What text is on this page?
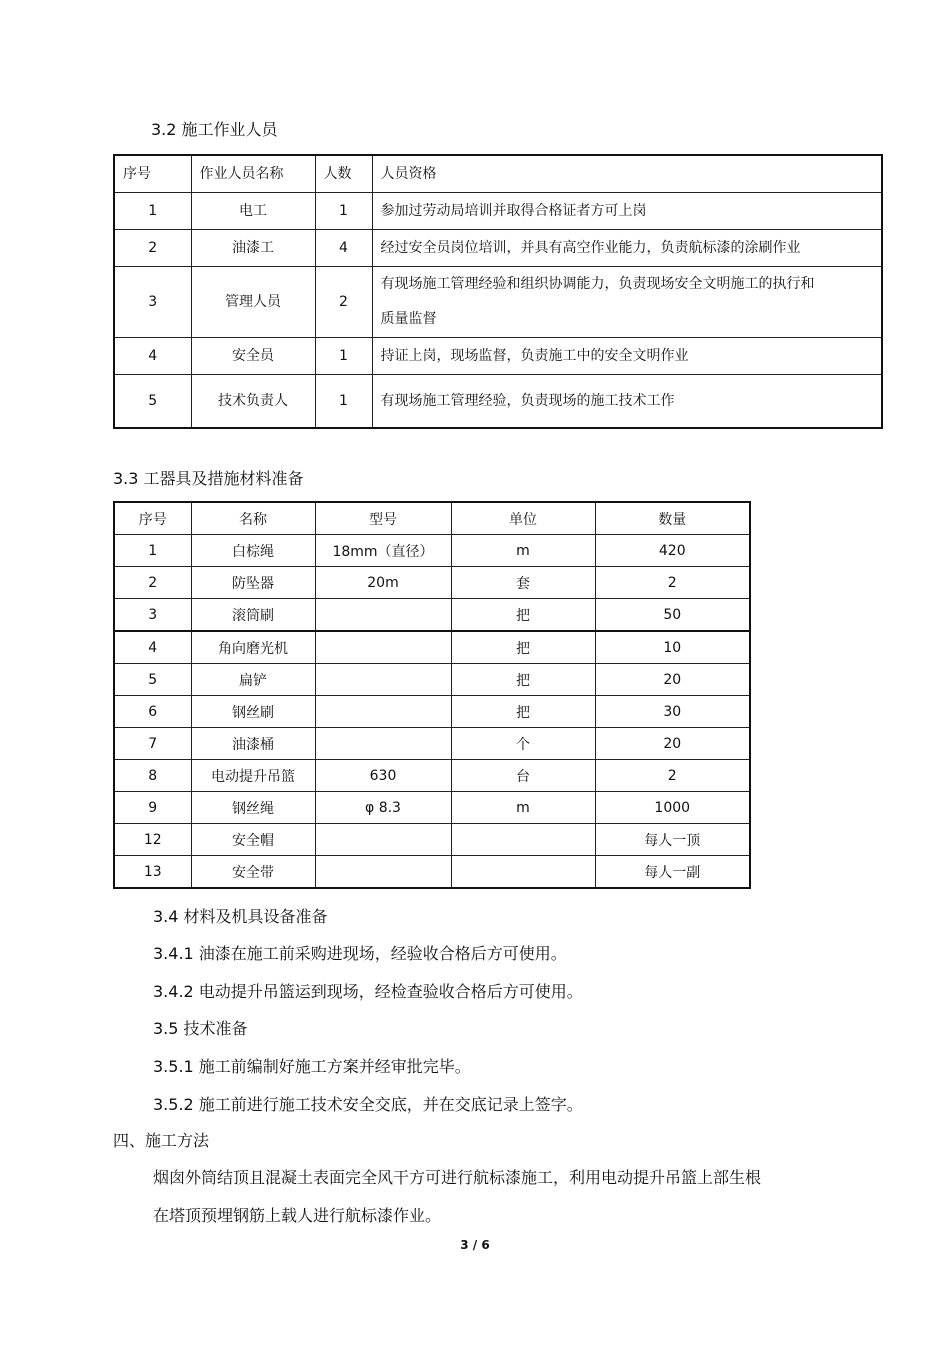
3.2 施工作业人员
序号	作业人员名称	人数	人员资格
1	电工	1	参加过劳动局培训并取得合格证者方可上岗
2	油漆工	4	经过安全员岗位培训，并具有高空作业能力，负责航标漆的涂刷作业
3	管理人员	2	有现场施工管理经验和组织协调能力，负责现场安全文明施工的执行和质量监督
4	安全员	1	持证上岗，现场监督，负责施工中的安全文明作业
5	技术负责人	1	有现场施工管理经验，负责现场的施工技术工作
3.3 工器具及措施材料准备
序号	名称	型号	单位	数量
1	白棕绳	18mm（直径）	m	420
2	防坠器	20m	套	2
3	滚筒刷		把	50
4	角向磨光机		把	10
5	扁铲		把	20
6	钢丝刷		把	30
7	油漆桶		个	20
8	电动提升吊篮	630	台	2
9	钢丝绳	φ 8.3	m	1000
12	安全帽			每人一顶
13	安全带			每人一副
3.4 材料及机具设备准备
3.4.1 油漆在施工前采购进现场，经验收合格后方可使用。
3.4.2 电动提升吊篮运到现场，经检查验收合格后方可使用。
3.5 技术准备
3.5.1 施工前编制好施工方案并经审批完毕。
3.5.2 施工前进行施工技术安全交底，并在交底记录上签字。
四、施工方法
烟囱外筒结顶且混凝土表面完全风干方可进行航标漆施工，利用电动提升吊篮上部生根
在塔顶预埋钢筋上载人进行航标漆作业。
3 / 6
